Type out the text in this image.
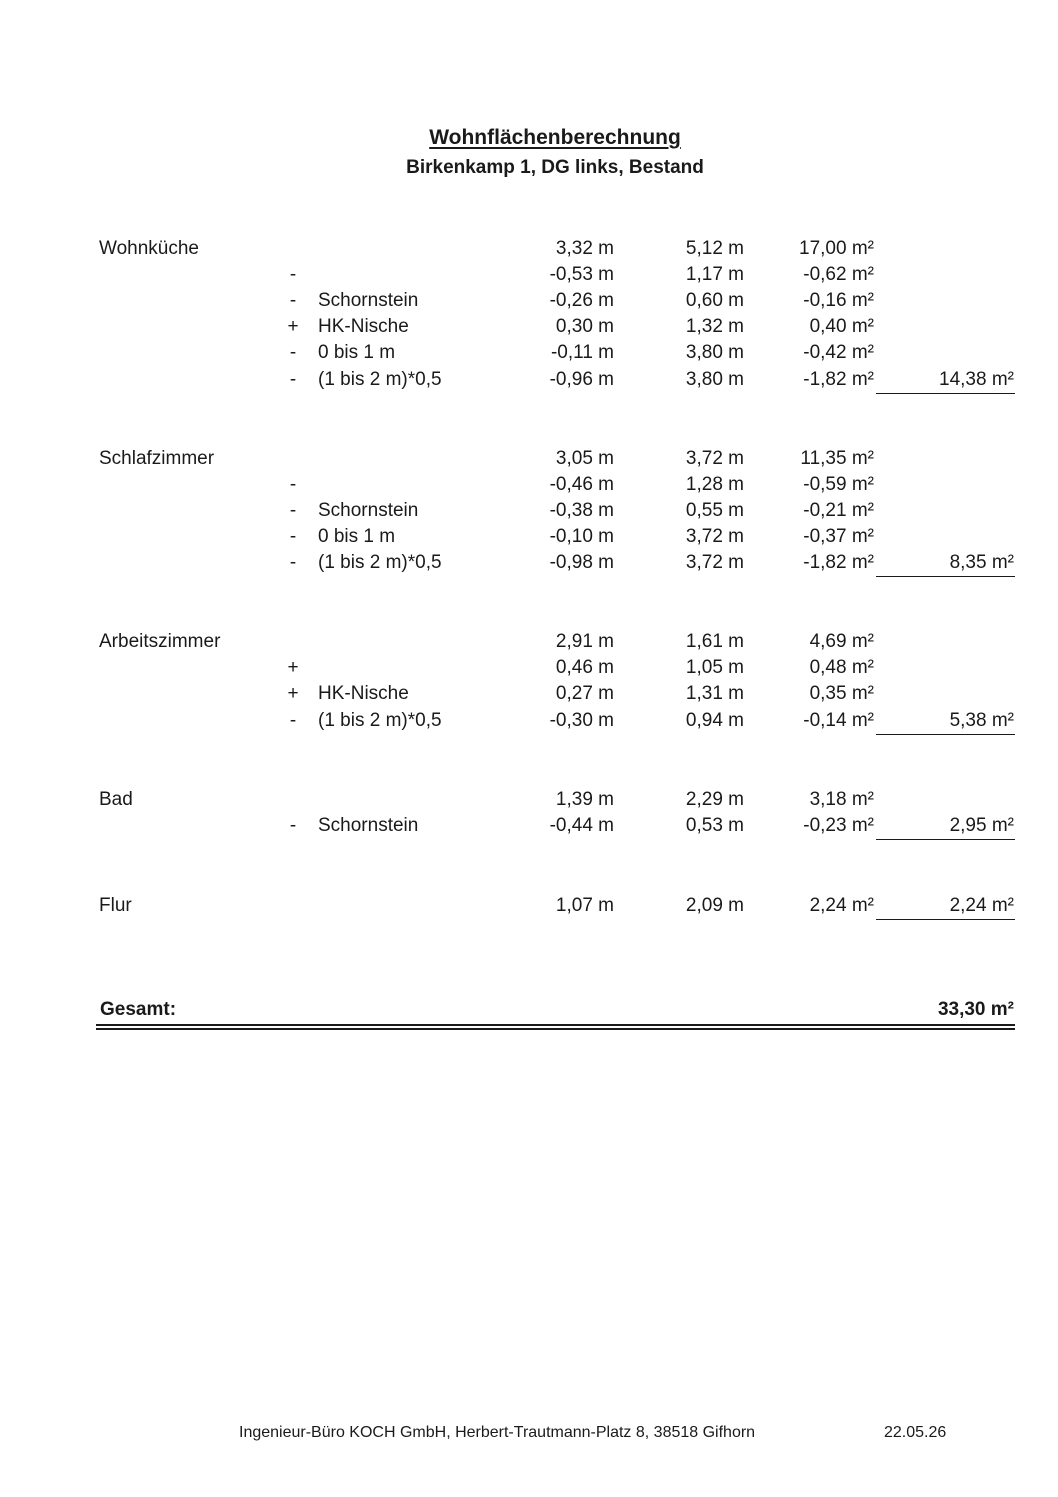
Wohnflächenberechnung
Birkenkamp 1, DG links, Bestand
Wohnküche	3,32 m	5,12 m	17,00 m²
-	-0,53 m	1,17 m	-0,62 m²
- Schornstein	-0,26 m	0,60 m	-0,16 m²
+ HK-Nische	0,30 m	1,32 m	0,40 m²
- 0 bis 1 m	-0,11 m	3,80 m	-0,42 m²
- (1 bis 2 m)*0,5	-0,96 m	3,80 m	-1,82 m²	14,38 m²
Schlafzimmer	3,05 m	3,72 m	11,35 m²
-	-0,46 m	1,28 m	-0,59 m²
- Schornstein	-0,38 m	0,55 m	-0,21 m²
- 0 bis 1 m	-0,10 m	3,72 m	-0,37 m²
- (1 bis 2 m)*0,5	-0,98 m	3,72 m	-1,82 m²	8,35 m²
Arbeitszimmer	2,91 m	1,61 m	4,69 m²
+	0,46 m	1,05 m	0,48 m²
+ HK-Nische	0,27 m	1,31 m	0,35 m²
- (1 bis 2 m)*0,5	-0,30 m	0,94 m	-0,14 m²	5,38 m²
Bad	1,39 m	2,29 m	3,18 m²
- Schornstein	-0,44 m	0,53 m	-0,23 m²	2,95 m²
Flur	1,07 m	2,09 m	2,24 m²	2,24 m²
Gesamt:	33,30 m²
Ingenieur-Büro KOCH GmbH, Herbert-Trautmann-Platz 8, 38518 Gifhorn	22.05.26
